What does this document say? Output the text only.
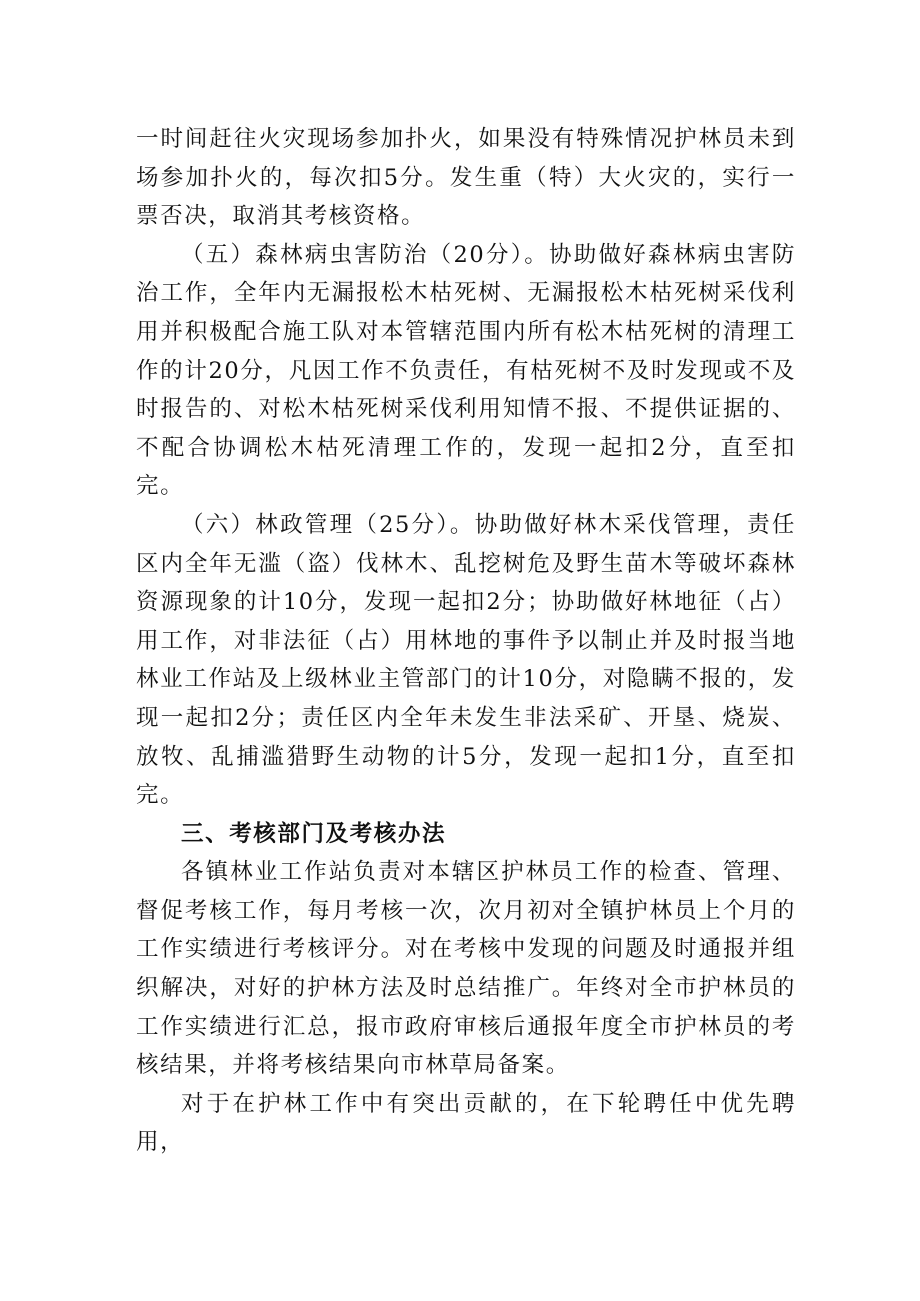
一时间赶往火灾现场参加扑火，如果没有特殊情况护林员未到场参加扑火的，每次扣5分。发生重（特）大火灾的，实行一票否决，取消其考核资格。

（五）森林病虫害防治（20分）。协助做好森林病虫害防治工作，全年内无漏报松木枯死树、无漏报松木枯死树采伐利用并积极配合施工队对本管辖范围内所有松木枯死树的清理工作的计20分，凡因工作不负责任，有枯死树不及时发现或不及时报告的、对松木枯死树采伐利用知情不报、不提供证据的、不配合协调松木枯死清理工作的，发现一起扣2分，直至扣完。

（六）林政管理（25分）。协助做好林木采伐管理，责任区内全年无滥（盗）伐林木、乱挖树危及野生苗木等破坏森林资源现象的计10分，发现一起扣2分；协助做好林地征（占）用工作，对非法征（占）用林地的事件予以制止并及时报当地林业工作站及上级林业主管部门的计10分，对隐瞒不报的，发现一起扣2分；责任区内全年未发生非法采矿、开垦、烧炭、放牧、乱捕滥猎野生动物的计5分，发现一起扣1分，直至扣完。

三、考核部门及考核办法

各镇林业工作站负责对本辖区护林员工作的检查、管理、督促考核工作，每月考核一次，次月初对全镇护林员上个月的工作实绩进行考核评分。对在考核中发现的问题及时通报并组织解决，对好的护林方法及时总结推广。年终对全市护林员的工作实绩进行汇总，报市政府审核后通报年度全市护林员的考核结果，并将考核结果向市林草局备案。

对于在护林工作中有突出贡献的，在下轮聘任中优先聘用，
